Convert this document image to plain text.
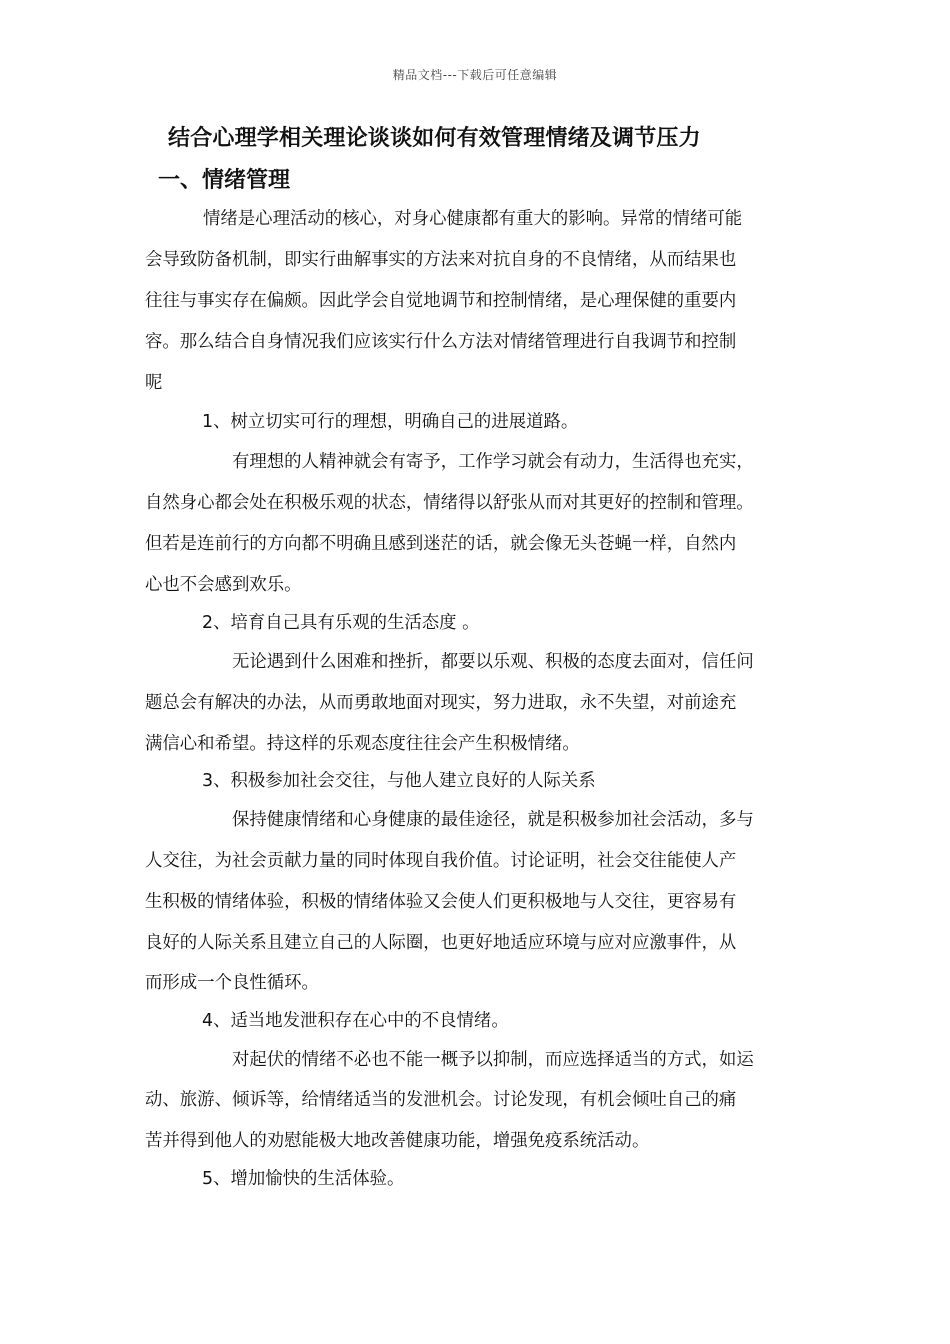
精品文档---下载后可任意编辑
结合心理学相关理论谈谈如何有效管理情绪及调节压力
一、情绪管理
情绪是心理活动的核心，对身心健康都有重大的影响。异常的情绪可能
会导致防备机制，即实行曲解事实的方法来对抗自身的不良情绪，从而结果也
往往与事实存在偏颇。因此学会自觉地调节和控制情绪，是心理保健的重要内
容。那么结合自身情况我们应该实行什么方法对情绪管理进行自我调节和控制
呢
1、树立切实可行的理想，明确自己的进展道路。
有理想的人精神就会有寄予，工作学习就会有动力，生活得也充实，
自然身心都会处在积极乐观的状态，情绪得以舒张从而对其更好的控制和管理。
但若是连前行的方向都不明确且感到迷茫的话，就会像无头苍蝇一样，自然内
心也不会感到欢乐。
2、培育自己具有乐观的生活态度 。
无论遇到什么困难和挫折，都要以乐观、积极的态度去面对，信任问
题总会有解决的办法，从而勇敢地面对现实，努力进取，永不失望，对前途充
满信心和希望。持这样的乐观态度往往会产生积极情绪。
3、积极参加社会交往，与他人建立良好的人际关系
保持健康情绪和心身健康的最佳途径，就是积极参加社会活动，多与
人交往，为社会贡献力量的同时体现自我价值。讨论证明，社会交往能使人产
生积极的情绪体验，积极的情绪体验又会使人们更积极地与人交往，更容易有
良好的人际关系且建立自己的人际圈，也更好地适应环境与应对应激事件，从
而形成一个良性循环。
4、适当地发泄积存在心中的不良情绪。
对起伏的情绪不必也不能一概予以抑制，而应选择适当的方式，如运
动、旅游、倾诉等，给情绪适当的发泄机会。讨论发现，有机会倾吐自己的痛
苦并得到他人的劝慰能极大地改善健康功能，增强免疫系统活动。
5、增加愉快的生活体验。
